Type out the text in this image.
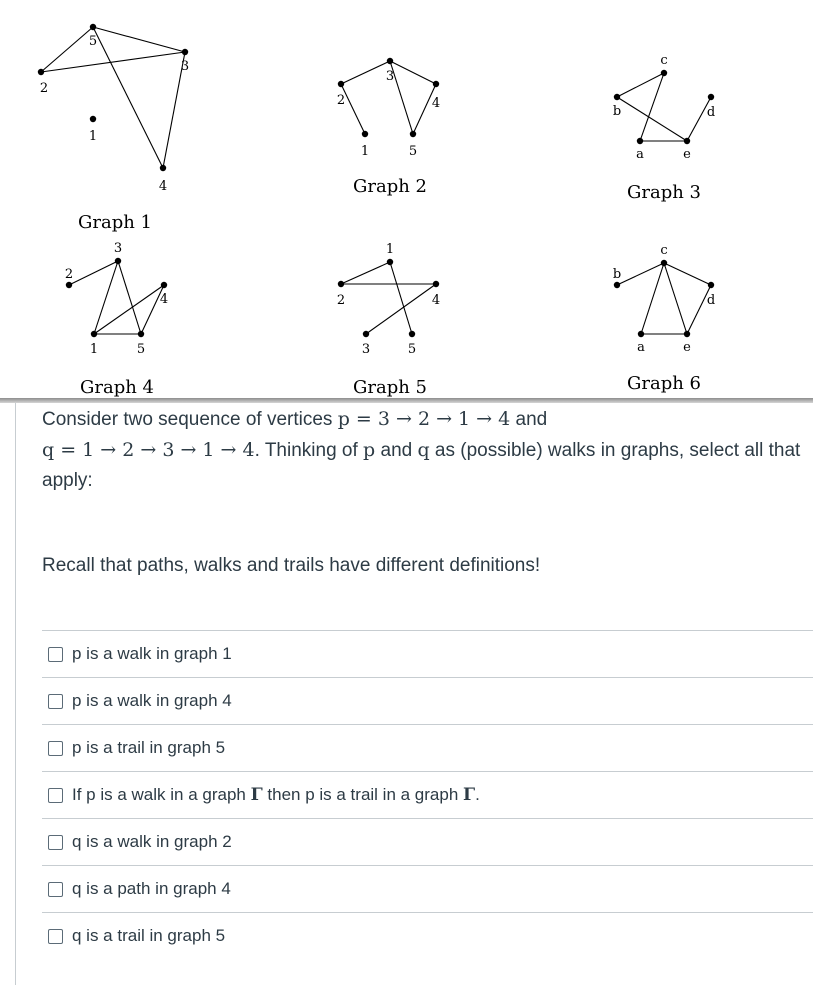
1
2
3
4
5
Graph 1
1
2
3
4
5
Graph 2
a
b
c
d
e
Graph 3
1
2
3
4
5
Graph 4
1
2
3
4
5
Graph 5
a
b
c
d
e
Graph 6
Consider two sequence of vertices p = 3 → 2 → 1 → 4 and
q = 1 → 2 → 3 → 1 → 4. Thinking of p and q as (possible) walks in graphs, select all that apply:
Recall that paths, walks and trails have different definitions!
p is a walk in graph 1
p is a walk in graph 4
p is a trail in graph 5
If p is a walk in a graph Γ then p is a trail in a graph Γ.
q is a walk in graph 2
q is a path in graph 4
q is a trail in graph 5
